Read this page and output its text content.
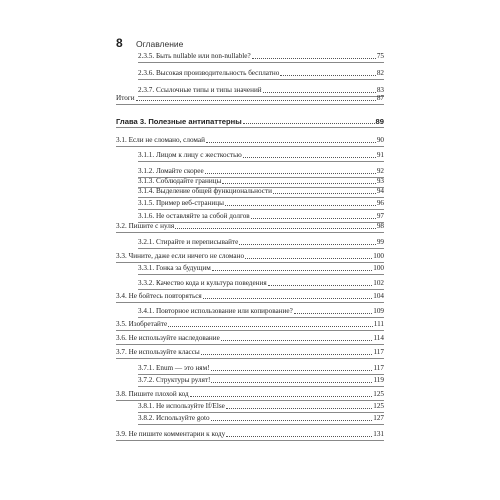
8	Оглавление
2.3.5. Быть nullable или non-nullable?	75
2.3.6. Высокая производительность бесплатно	82
2.3.7. Ссылочные типы и типы значений	83
Итоги	87
Глава 3. Полезные антипаттерны	89
3.1. Если не сломано, сломай	90
3.1.1. Лицом к лицу с жесткостью	91
3.1.2. Ломайте скорее	92
3.1.3. Соблюдайте границы	93
3.1.4. Выделение общей функциональности	94
3.1.5. Пример веб-страницы	96
3.1.6. Не оставляйте за собой долгов	97
3.2. Пишите с нуля	98
3.2.1. Стирайте и переписывайте	99
3.3. Чините, даже если ничего не сломано	100
3.3.1. Гонка за будущим	100
3.3.2. Качество кода и культура поведения	102
3.4. Не бойтесь повторяться	104
3.4.1. Повторное использование или копирование?	109
3.5. Изобретайте	111
3.6. Не используйте наследование	114
3.7. Не используйте классы	117
3.7.1. Enum — это ням!	117
3.7.2. Структуры рулят!	119
3.8. Пишите плохой код	125
3.8.1. Не используйте If/Else	125
3.8.2. Используйте goto	127
3.9. Не пишите комментарии к коду	131
